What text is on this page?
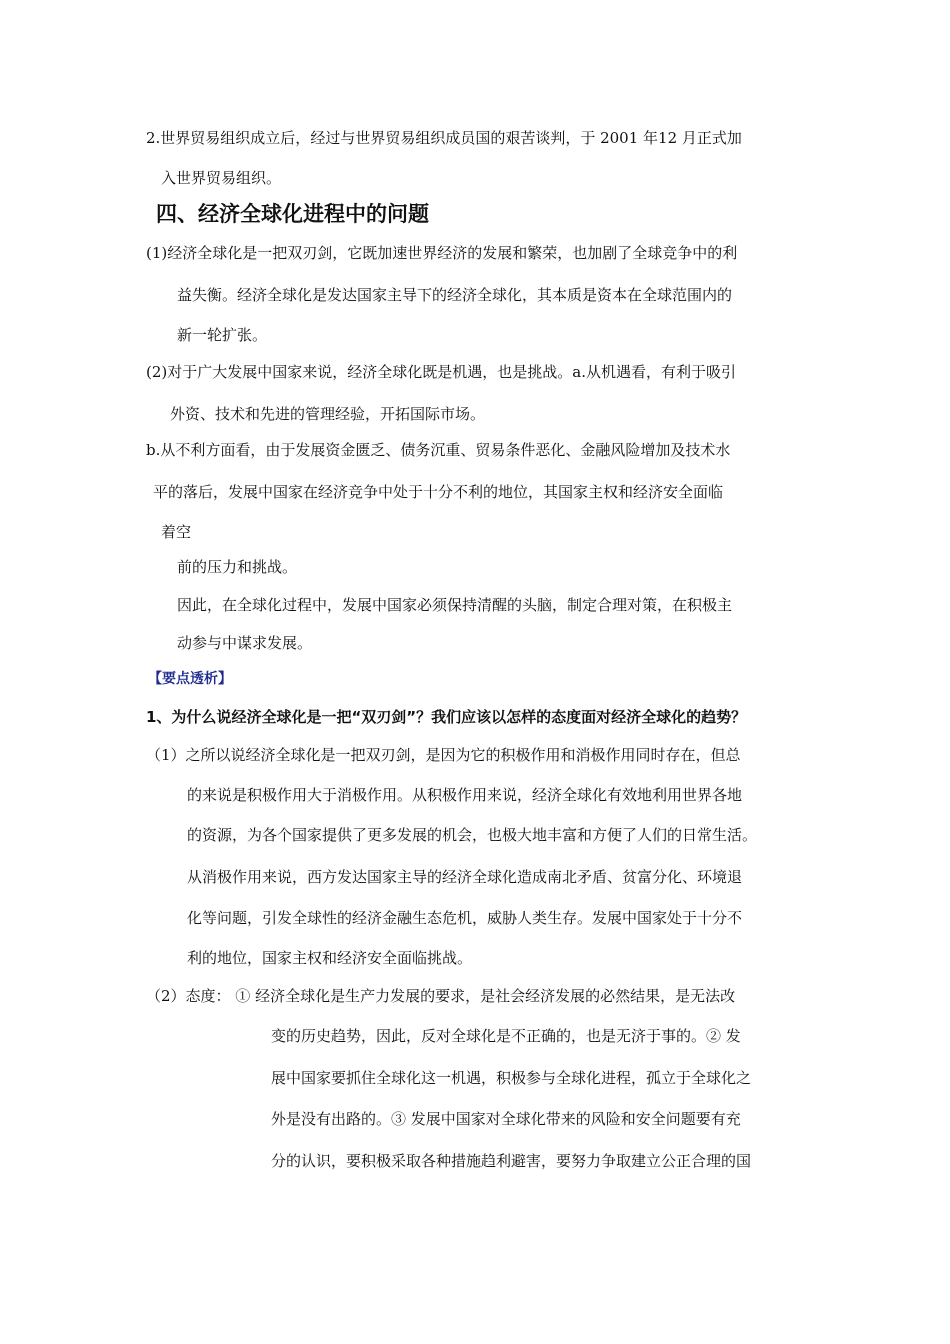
2.世界贸易组织成立后，经过与世界贸易组织成员国的艰苦谈判，于 2001 年12 月正式加
入世界贸易组织。
四、经济全球化进程中的问题
(1)经济全球化是一把双刃剑，它既加速世界经济的发展和繁荣，也加剧了全球竞争中的利
益失衡。经济全球化是发达国家主导下的经济全球化，其本质是资本在全球范围内的
新一轮扩张。
(2)对于广大发展中国家来说，经济全球化既是机遇，也是挑战。a.从机遇看，有利于吸引
外资、技术和先进的管理经验，开拓国际市场。
b.从不利方面看，由于发展资金匮乏、债务沉重、贸易条件恶化、金融风险增加及技术水
平的落后，发展中国家在经济竞争中处于十分不利的地位，其国家主权和经济安全面临
着空
前的压力和挑战。
因此，在全球化过程中，发展中国家必须保持清醒的头脑，制定合理对策，在积极主
动参与中谋求发展。
【要点透析】
1、为什么说经济全球化是一把“双刃剑”？我们应该以怎样的态度面对经济全球化的趋势？
（1）之所以说经济全球化是一把双刃剑，是因为它的积极作用和消极作用同时存在，但总
的来说是积极作用大于消极作用。从积极作用来说，经济全球化有效地利用世界各地
的资源，为各个国家提供了更多发展的机会，也极大地丰富和方便了人们的日常生活。
从消极作用来说，西方发达国家主导的经济全球化造成南北矛盾、贫富分化、环境退
化等问题，引发全球性的经济金融生态危机，威胁人类生存。发展中国家处于十分不
利的地位，国家主权和经济安全面临挑战。
（2）态度： ① 经济全球化是生产力发展的要求，是社会经济发展的必然结果，是无法改
变的历史趋势，因此，反对全球化是不正确的，也是无济于事的。② 发
展中国家要抓住全球化这一机遇，积极参与全球化进程，孤立于全球化之
外是没有出路的。③ 发展中国家对全球化带来的风险和安全问题要有充
分的认识，要积极采取各种措施趋利避害，要努力争取建立公正合理的国
